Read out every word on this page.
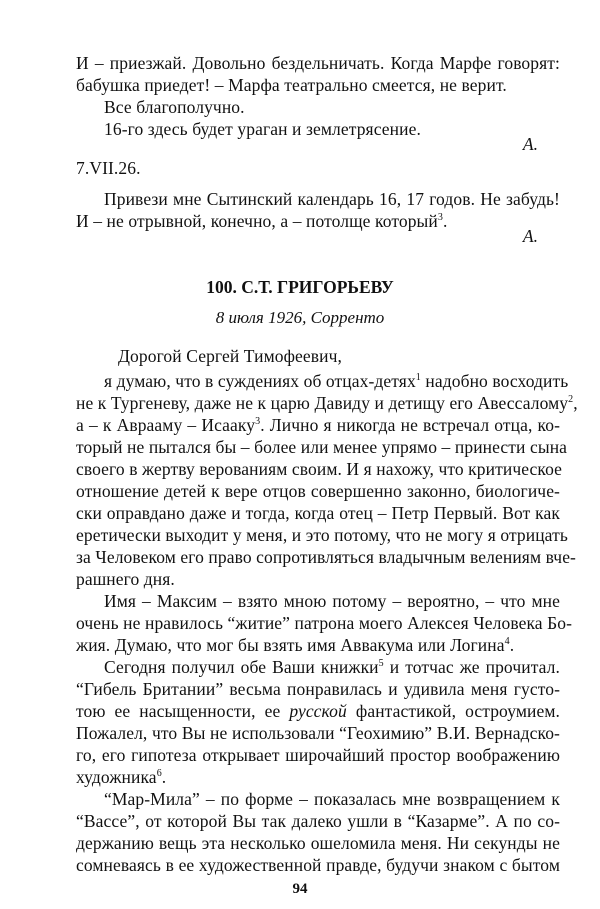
И – приезжай. Довольно бездельничать. Когда Марфе говорят:
бабушка приедет! – Марфа театрально смеется, не верит.
Все благополучно.
16-го здесь будет ураган и землетрясение.
А.
7.VII.26.
Привези мне Сытинский календарь 16, 17 годов. Не забудь!
И – не отрывной, конечно, а – потолще который$^3$.
А.
100. С.Т. ГРИГОРЬЕВУ
8 июля 1926, Сорренто
Дорогой Сергей Тимофеевич,
я думаю, что в суждениях об отцах-детях$^1$ надобно восходить
не к Тургеневу, даже не к царю Давиду и детищу его Авессалому$^2$,
а – к Аврааму – Исааку$^3$. Лично я никогда не встречал отца, ко-
торый не пытался бы – более или менее упрямо – принести сына
своего в жертву верованиям своим. И я нахожу, что критическое
отношение детей к вере отцов совершенно законно, биологиче-
ски оправдано даже и тогда, когда отец – Петр Первый. Вот как
еретически выходит у меня, и это потому, что не могу я отрицать
за Человеком его право сопротивляться владычным велениям вче-
рашнего дня.
Имя – Максим – взято мною потому – вероятно, – что мне
очень не нравилось “житие” патрона моего Алексея Человека Бо-
жия. Думаю, что мог бы взять имя Аввакума или Логина$^4$.
Сегодня получил обе Ваши книжки$^5$ и тотчас же прочитал.
“Гибель Британии” весьма понравилась и удивила меня густо-
тою ее насыщенности, ее русской фантастикой, остроумием.
Пожалел, что Вы не использовали “Геохимию” В.И. Вернадско-
го, его гипотеза открывает широчайший простор воображению
художника$^6$.
“Мар-Мила” – по форме – показалась мне возвращением к
“Вассе”, от которой Вы так далеко ушли в “Казарме”. А по со-
держанию вещь эта несколько ошеломила меня. Ни секунды не
сомневаясь в ее художественной правде, будучи знаком с бытом
94
